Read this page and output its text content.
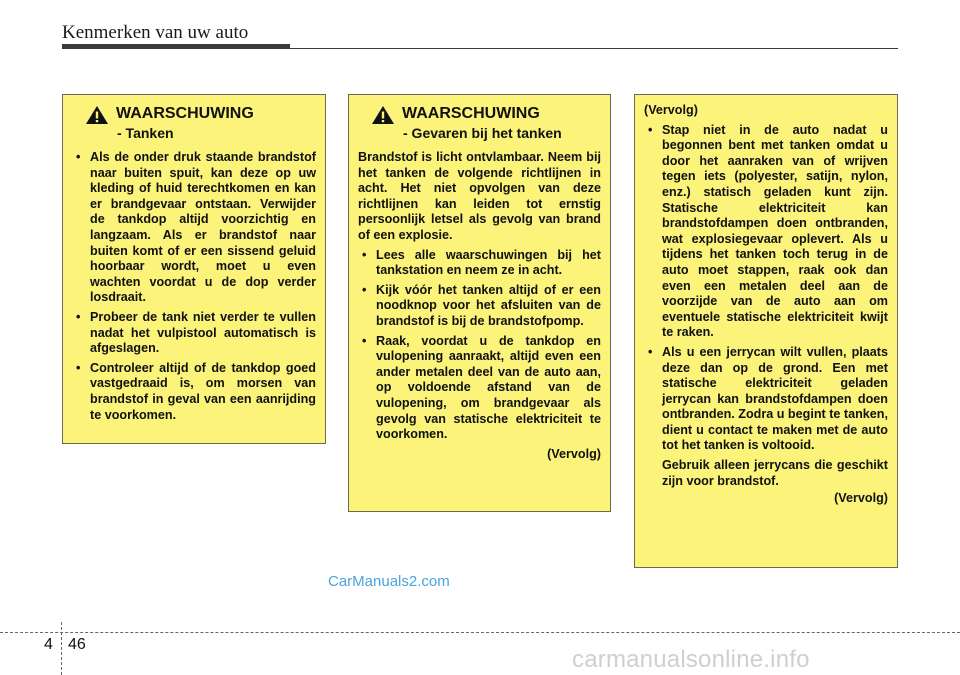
Kenmerken van uw auto
WAARSCHUWING
- Tanken
• Als de onder druk staande brandstof naar buiten spuit, kan deze op uw kleding of huid terechtkomen en kan er brandgevaar ontstaan. Verwijder de tankdop altijd voorzichtig en langzaam. Als er brandstof naar buiten komt of er een sissend geluid hoorbaar wordt, moet u even wachten voordat u de dop verder losdraait.
• Probeer de tank niet verder te vullen nadat het vulpistool automatisch is afgeslagen.
• Controleer altijd of de tankdop goed vastgedraaid is, om morsen van brandstof in geval van een aanrijding te voorkomen.
WAARSCHUWING
- Gevaren bij het tanken
Brandstof is licht ontvlambaar. Neem bij het tanken de volgende richtlijnen in acht. Het niet opvolgen van deze richtlijnen kan leiden tot ernstig persoonlijk letsel als gevolg van brand of een explosie.
• Lees alle waarschuwingen bij het tankstation en neem ze in acht.
• Kijk vóór het tanken altijd of er een noodknop voor het afsluiten van de brandstof is bij de brandstofpomp.
• Raak, voordat u de tankdop en vulopening aanraakt, altijd even een ander metalen deel van de auto aan, op voldoende afstand van de vulopening, om brandgevaar als gevolg van statische elektriciteit te voorkomen.
(Vervolg)
(Vervolg)
• Stap niet in de auto nadat u begonnen bent met tanken omdat u door het aanraken van of wrijven tegen iets (polyester, satijn, nylon, enz.) statisch geladen kunt zijn. Statische elektriciteit kan brandstofdampen doen ontbranden, wat explosiegevaar oplevert. Als u tijdens het tanken toch terug in de auto moet stappen, raak ook dan even een metalen deel aan de voorzijde van de auto aan om eventuele statische elektriciteit kwijt te raken.
• Als u een jerrycan wilt vullen, plaats deze dan op de grond. Een met statische elektriciteit geladen jerrycan kan brandstofdampen doen ontbranden. Zodra u begint te tanken, dient u contact te maken met de auto tot het tanken is voltooid.
Gebruik alleen jerrycans die geschikt zijn voor brandstof.
(Vervolg)
CarManuals2.com
4 46
carmanualsonline.info
